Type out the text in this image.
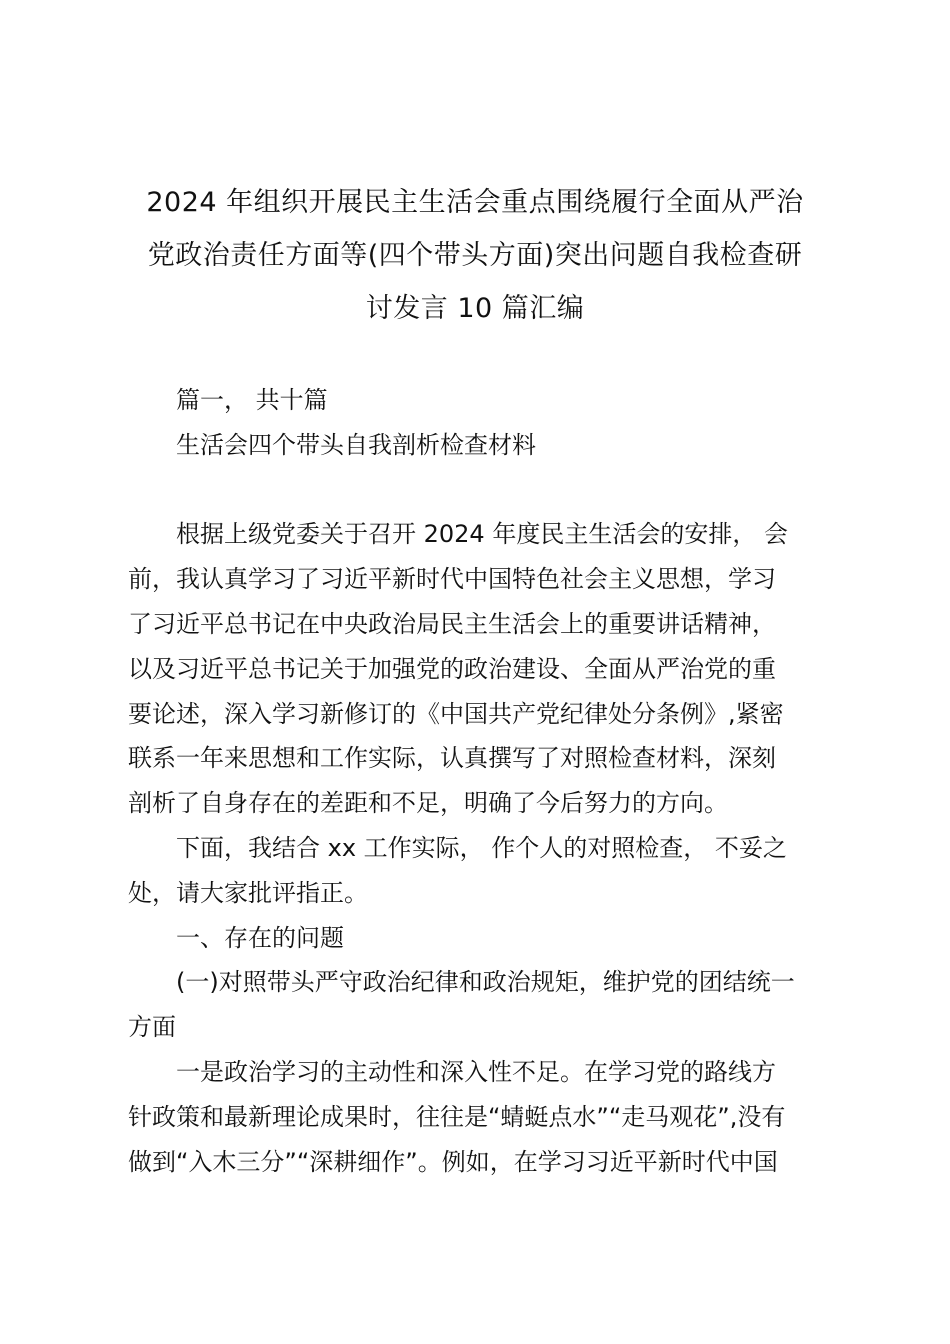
2024 年组织开展民主生活会重点围绕履行全面从严治
党政治责任方面等(四个带头方面)突出问题自我检查研
讨发言 10 篇汇编
篇一， 共十篇
生活会四个带头自我剖析检查材料
根据上级党委关于召开 2024 年度民主生活会的安排， 会
前，我认真学习了习近平新时代中国特色社会主义思想，学习
了习近平总书记在中央政治局民主生活会上的重要讲话精神，
以及习近平总书记关于加强党的政治建设、全面从严治党的重
要论述，深入学习新修订的《中国共产党纪律处分条例》,紧密
联系一年来思想和工作实际，认真撰写了对照检查材料，深刻
剖析了自身存在的差距和不足，明确了今后努力的方向。
下面，我结合 xx 工作实际， 作个人的对照检查， 不妥之
处，请大家批评指正。
一、存在的问题
(一)对照带头严守政治纪律和政治规矩，维护党的团结统一
方面
一是政治学习的主动性和深入性不足。在学习党的路线方
针政策和最新理论成果时，往往是“蜻蜓点水”“走马观花”,没有
做到“入木三分”“深耕细作”。例如，在学习习近平新时代中国
